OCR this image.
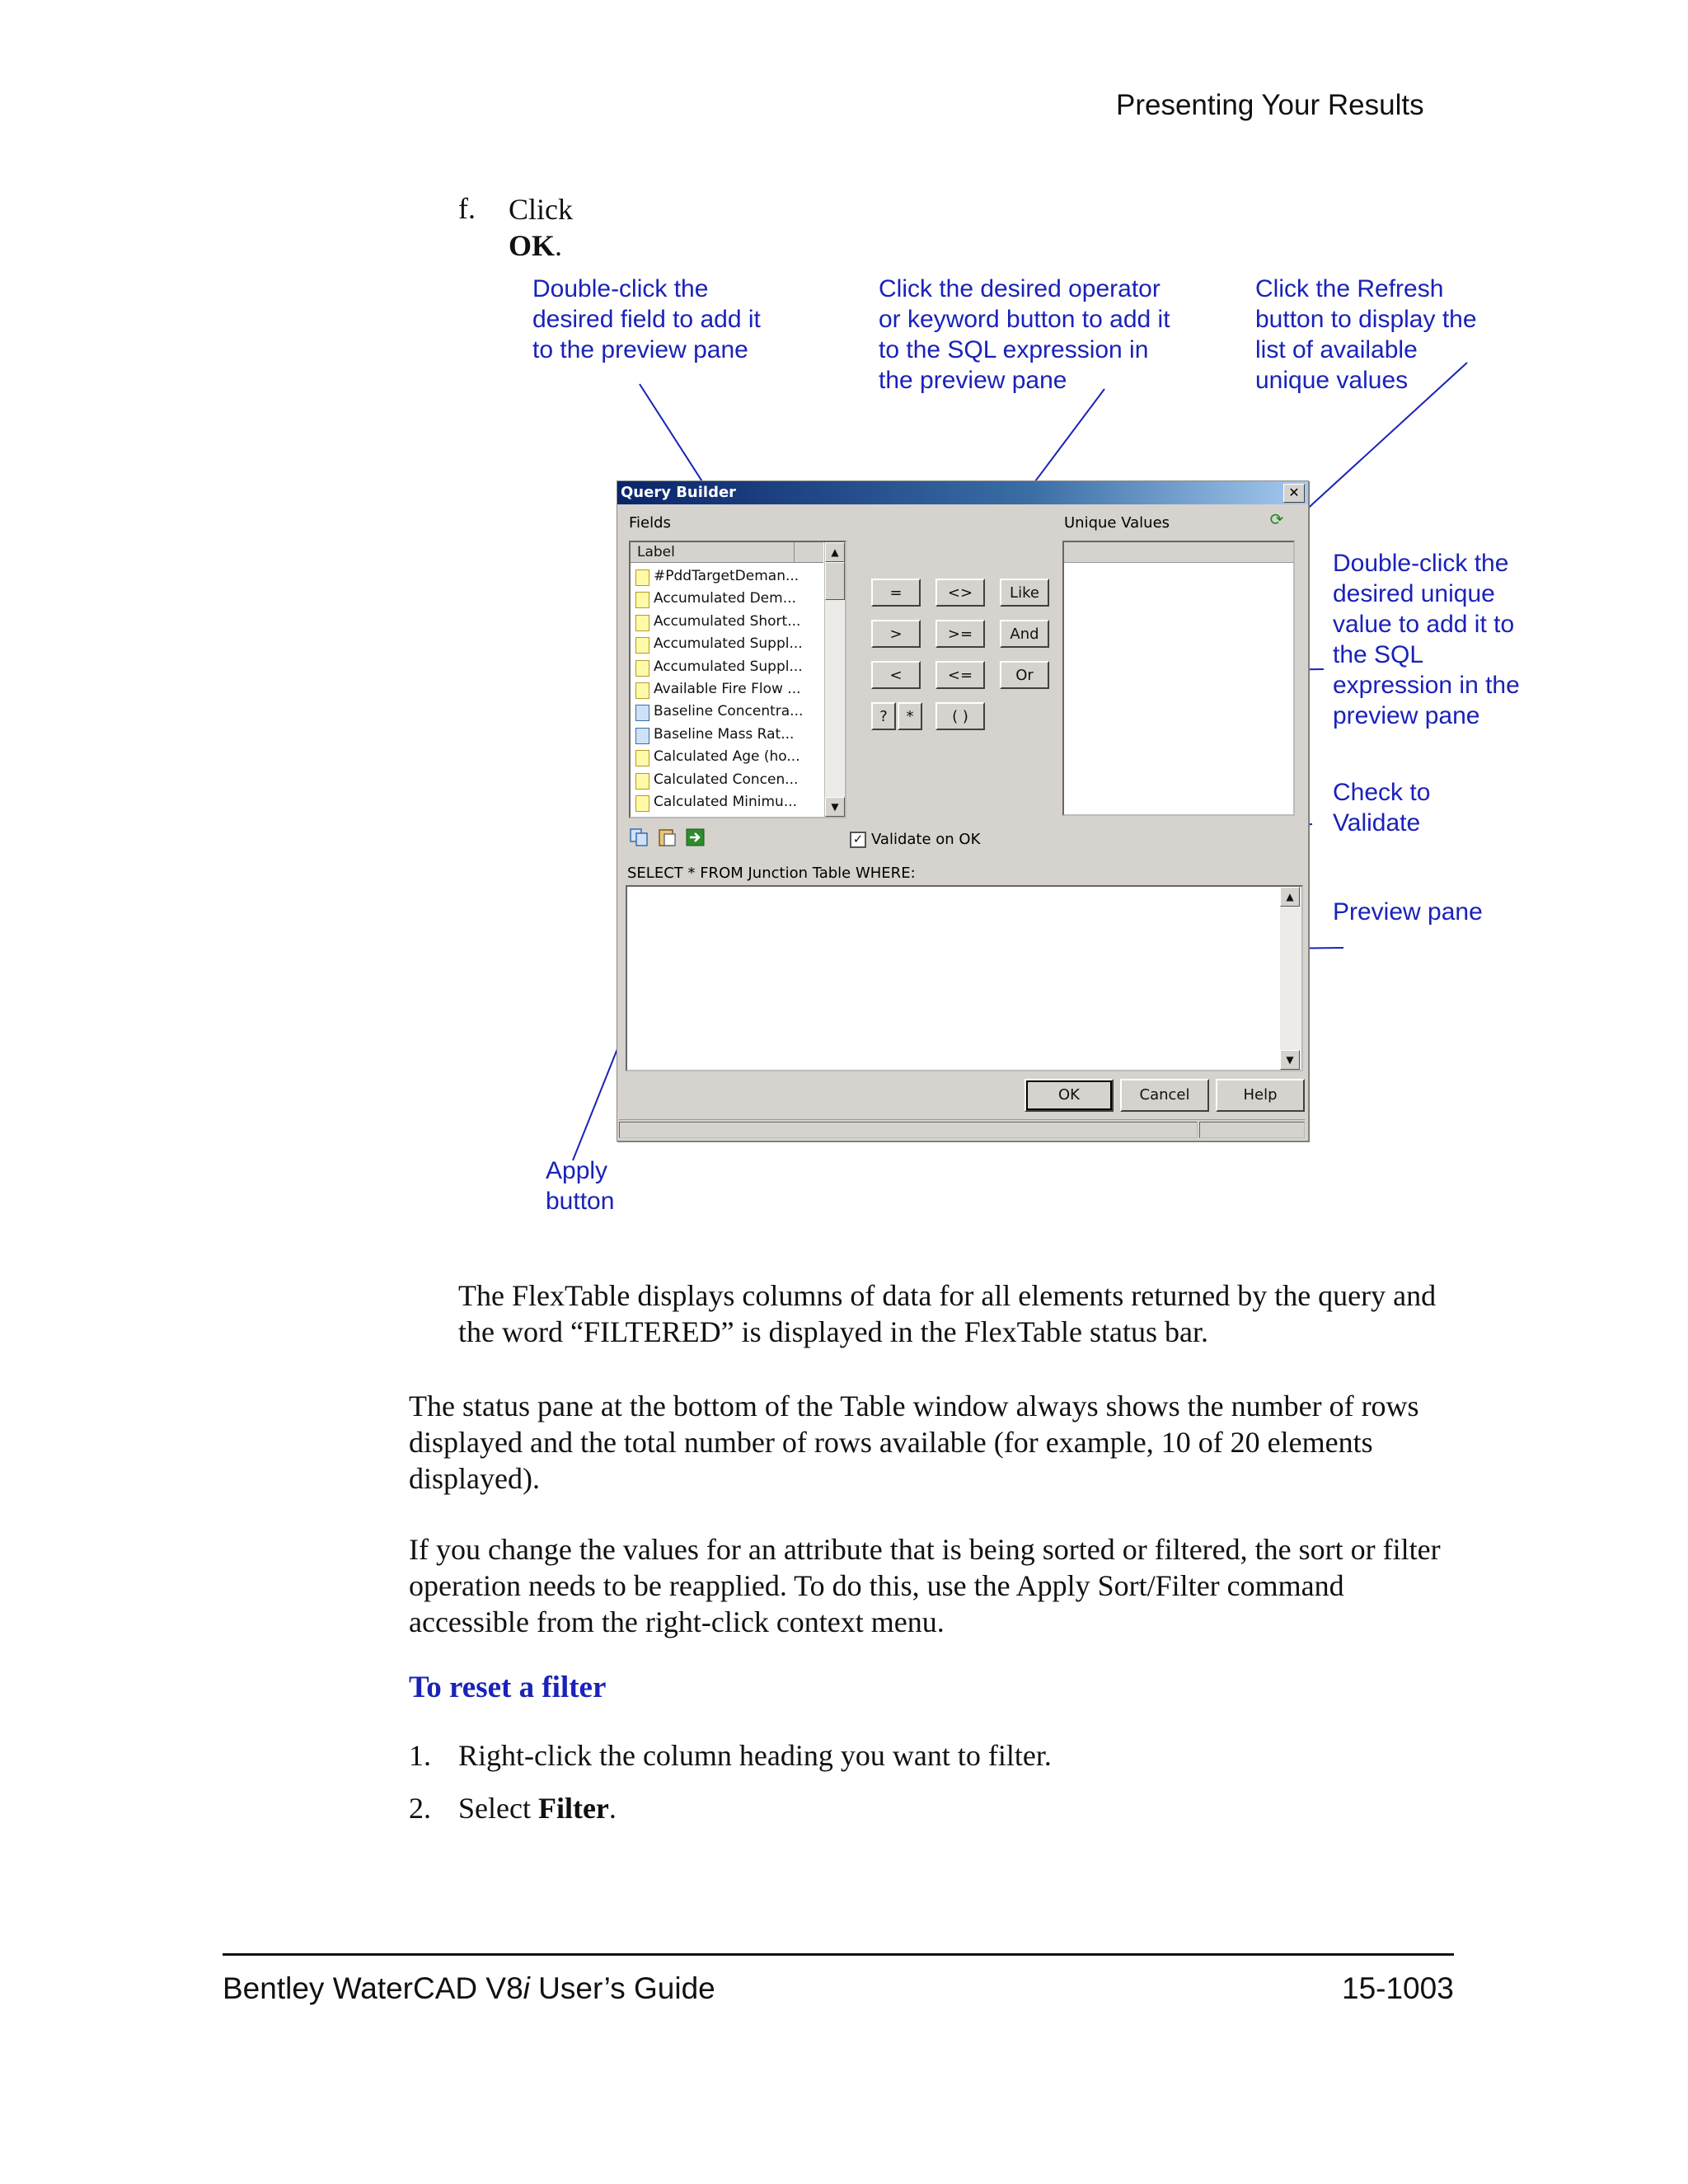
Presenting Your Results
f. Click
OK.
Double-click the
desired field to add it
to the preview pane
Click the desired operator
or keyword button to add it
to the SQL expression in
the preview pane
Click the Refresh
button to display the
list of available
unique values
Double-click the
desired unique
value to add it to
the SQL
expression in the
preview pane
Check to
Validate
Preview pane
Apply
button
Query Builder	✕
Fields	Unique Values	⟳
Label
#PddTargetDeman...
Accumulated Dem...
Accumulated Short...
Accumulated Suppl...
Accumulated Suppl...
Available Fire Flow ...
Baseline Concentra...
Baseline Mass Rat...
Calculated Age (ho...
Calculated Concen...
Calculated Minimu...
▲
▼
=	<>	Like
>	>=	And
<	<=	Or
?	*	( )
✓ Validate on OK
SELECT * FROM Junction Table WHERE:
▲
▼
OK	Cancel	Help
The FlexTable displays columns of data for all elements returned by the query and the word “FILTERED” is displayed in the FlexTable status bar.
The status pane at the bottom of the Table window always shows the number of rows displayed and the total number of rows available (for example, 10 of 20 elements displayed).
If you change the values for an attribute that is being sorted or filtered, the sort or filter operation needs to be reapplied. To do this, use the Apply Sort/Filter command accessible from the right-click context menu.
To reset a filter
1. Right-click the column heading you want to filter.
2. Select Filter.
Bentley WaterCAD V8i User’s Guide	15-1003
